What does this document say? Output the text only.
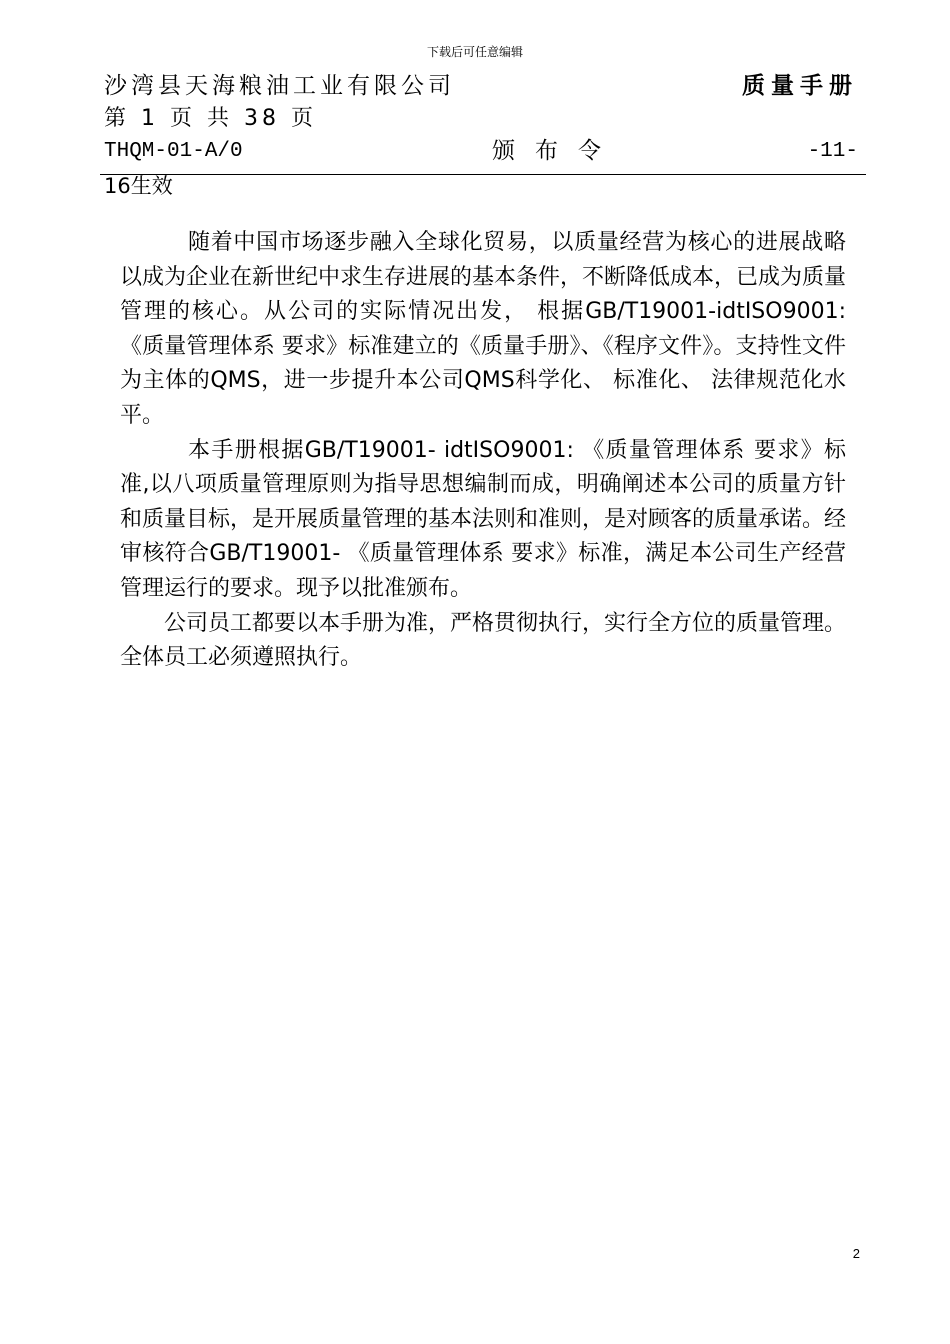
下载后可任意编辑
沙湾县天海粮油工业有限公司	质量手册
第 1 页 共 38 页
THQM-01-A/0	颁布令	-11-
16生效

随着中国市场逐步融入全球化贸易，以质量经营为核心的进展战略以成为企业在新世纪中求生存进展的基本条件，不断降低成本，已成为质量管理的核心。从公司的实际情况出发， 根据GB/T19001-idtISO9001: 《质量管理体系 要求》标准建立的《质量手册》、《程序文件》。支持性文件为主体的QMS，进一步提升本公司QMS科学化、 标准化、 法律规范化水平。

本手册根据GB/T19001- idtISO9001: 《质量管理体系 要求》标准,以八项质量管理原则为指导思想编制而成，明确阐述本公司的质量方针和质量目标，是开展质量管理的基本法则和准则，是对顾客的质量承诺。经审核符合GB/T19001- 《质量管理体系 要求》标准，满足本公司生产经营管理运行的要求。现予以批准颁布。

公司员工都要以本手册为准，严格贯彻执行，实行全方位的质量管理。全体员工必须遵照执行。

2
